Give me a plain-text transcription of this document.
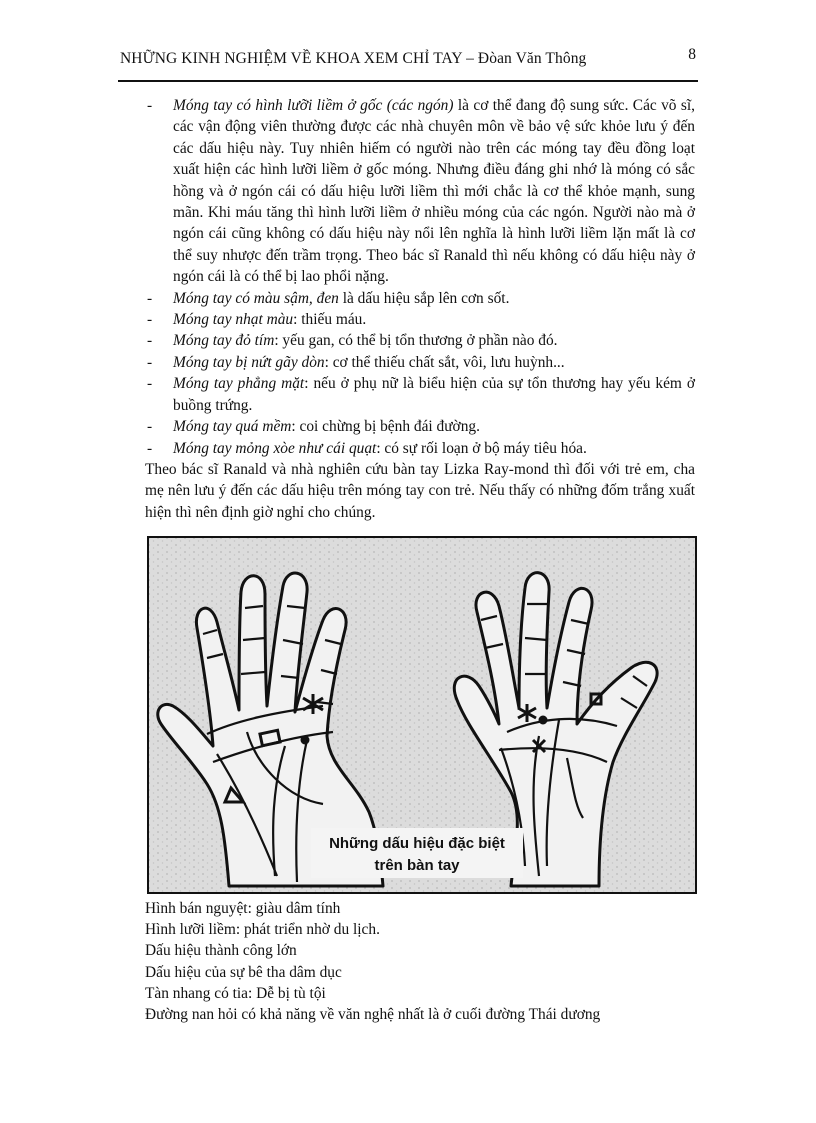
NHỮNG KINH NGHIỆM VỀ KHOA XEM CHỈ TAY – Đòan Văn Thông	8
- Móng tay có hình lưỡi liềm ở gốc (các ngón) là cơ thể đang độ sung sức. Các võ sĩ, các vận động viên thường được các nhà chuyên môn về bảo vệ sức khỏe lưu ý đến các dấu hiệu này. Tuy nhiên hiếm có người nào trên các móng tay đều đồng loạt xuất hiện các hình lưỡi liềm ở gốc móng. Nhưng điều đáng ghi nhớ là móng có sắc hồng và ở ngón cái có dấu hiệu lưỡi liềm thì mới chắc là cơ thể khỏe mạnh, sung mãn. Khi máu tăng thì hình lưỡi liềm ở nhiều móng của các ngón. Người nào mà ở ngón cái cũng không có dấu hiệu này nổi lên nghĩa là hình lưỡi liềm lặn mất là cơ thể suy nhược đến trầm trọng. Theo bác sĩ Ranald thì nếu không có dấu hiệu này ở ngón cái là có thể bị lao phổi nặng.
- Móng tay có màu sậm, đen là dấu hiệu sắp lên cơn sốt.
- Móng tay nhạt màu: thiếu máu.
- Móng tay đỏ tím: yếu gan, có thể bị tổn thương ở phần nào đó.
- Móng tay bị nứt gãy dòn: cơ thể thiếu chất sắt, vôi, lưu huỳnh...
- Móng tay phẳng mặt: nếu ở phụ nữ là biểu hiện của sự tổn thương hay yếu kém ở buồng trứng.
- Móng tay quá mềm: coi chừng bị bệnh đái đường.
- Móng tay mỏng xòe như cái quạt: có sự rối loạn ở bộ máy tiêu hóa.
Theo bác sĩ Ranald và nhà nghiên cứu bàn tay Lizka Ray-mond thì đối với trẻ em, cha mẹ nên lưu ý đến các dấu hiệu trên móng tay con trẻ. Nếu thấy có những đốm trắng xuất hiện thì nên định giờ nghỉ cho chúng.
Những dấu hiệu đặc biệt
trên bàn tay
Hình bán nguyệt: giàu dâm tính
Hình lưỡi liềm: phát triển nhờ du lịch.
Dấu hiệu thành công lớn
Dấu hiệu của sự bê tha dâm dục
Tàn nhang có tia: Dễ bị tù tội
Đường nan hỏi có khả năng về văn nghệ nhất là ở cuối đường Thái dương
